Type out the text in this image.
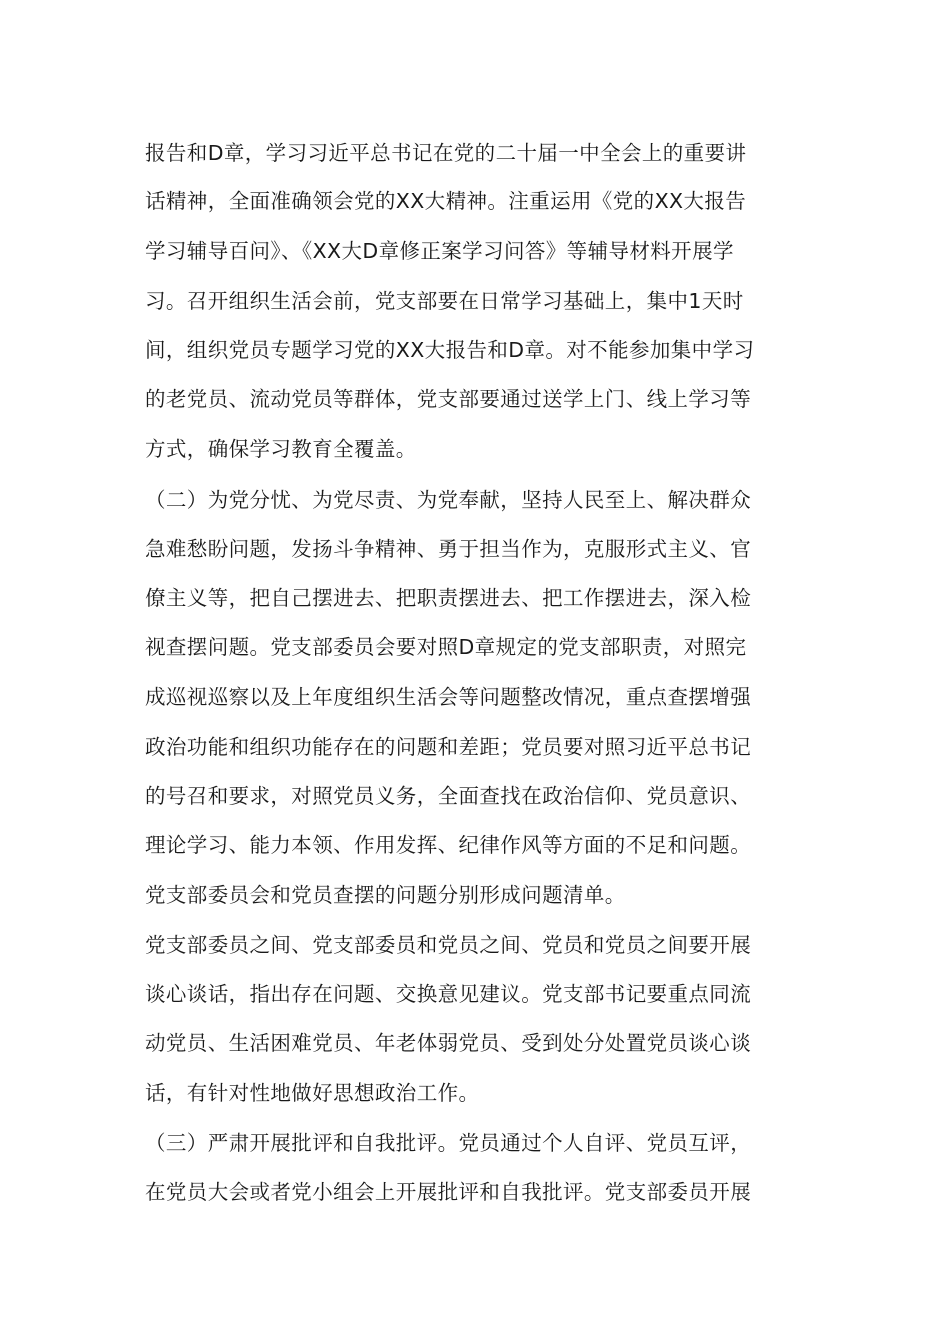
报告和D章，学习习近平总书记在党的二十届一中全会上的重要讲
话精神，全面准确领会党的XX大精神。注重运用《党的XX大报告
学习辅导百问》、《XX大D章修正案学习问答》等辅导材料开展学
习。召开组织生活会前，党支部要在日常学习基础上，集中1天时
间，组织党员专题学习党的XX大报告和D章。对不能参加集中学习
的老党员、流动党员等群体，党支部要通过送学上门、线上学习等
方式，确保学习教育全覆盖。
（二）为党分忧、为党尽责、为党奉献，坚持人民至上、解决群众
急难愁盼问题，发扬斗争精神、勇于担当作为，克服形式主义、官
僚主义等，把自己摆进去、把职责摆进去、把工作摆进去，深入检
视查摆问题。党支部委员会要对照D章规定的党支部职责，对照完
成巡视巡察以及上年度组织生活会等问题整改情况，重点查摆增强
政治功能和组织功能存在的问题和差距；党员要对照习近平总书记
的号召和要求，对照党员义务，全面查找在政治信仰、党员意识、
理论学习、能力本领、作用发挥、纪律作风等方面的不足和问题。
党支部委员会和党员查摆的问题分别形成问题清单。
党支部委员之间、党支部委员和党员之间、党员和党员之间要开展
谈心谈话，指出存在问题、交换意见建议。党支部书记要重点同流
动党员、生活困难党员、年老体弱党员、受到处分处置党员谈心谈
话，有针对性地做好思想政治工作。
（三）严肃开展批评和自我批评。党员通过个人自评、党员互评，
在党员大会或者党小组会上开展批评和自我批评。党支部委员开展
